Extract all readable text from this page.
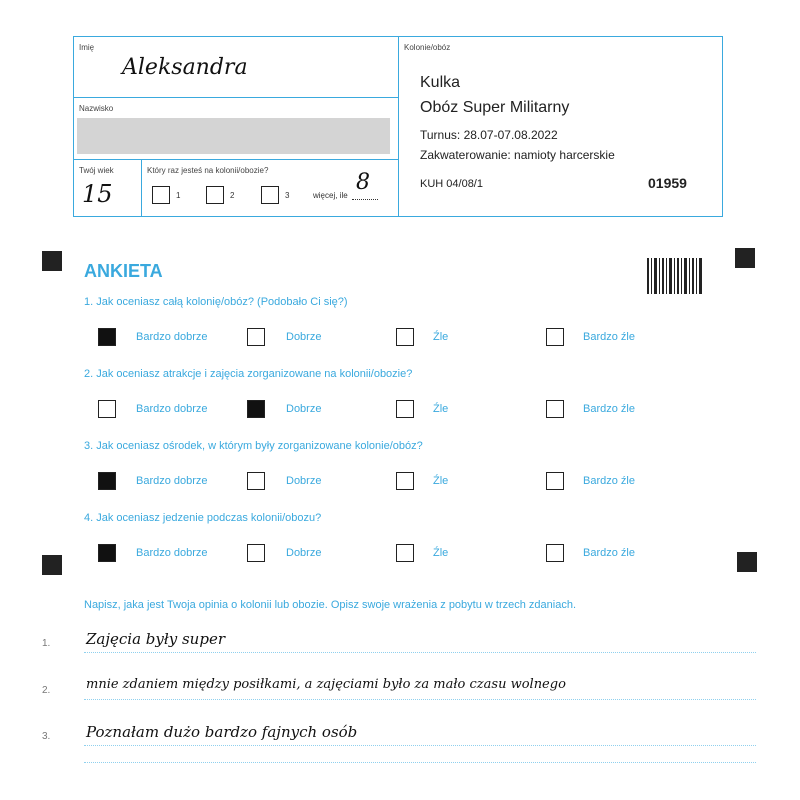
Imię
Aleksandra
Nazwisko
Twój wiek
15
Który raz jesteś na kolonii/obozie?
1	2	3	więcej, ile
8
Kolonie/obóz
Kulka
Obóz Super Militarny
Turnus: 28.07-07.08.2022
Zakwaterowanie: namioty harcerskie
KUH 04/08/1	01959
ANKIETA
1. Jak oceniasz całą kolonię/obóz? (Podobało Ci się?)
Bardzo dobrze	Dobrze	Źle	Bardzo źle
2. Jak oceniasz atrakcje i zajęcia zorganizowane na kolonii/obozie?
Bardzo dobrze	Dobrze	Źle	Bardzo źle
3. Jak oceniasz ośrodek, w którym były zorganizowane kolonie/obóz?
Bardzo dobrze	Dobrze	Źle	Bardzo źle
4. Jak oceniasz jedzenie podczas kolonii/obozu?
Bardzo dobrze	Dobrze	Źle	Bardzo źle
Napisz, jaka jest Twoja opinia o kolonii lub obozie. Opisz swoje wrażenia z pobytu w trzech zdaniach.
1. Zajęcia były super
2.	mnie zdaniem między posiłkami, a zajęciami było za mało czasu wolnego
3. Poznałam dużo bardzo fajnych osób
